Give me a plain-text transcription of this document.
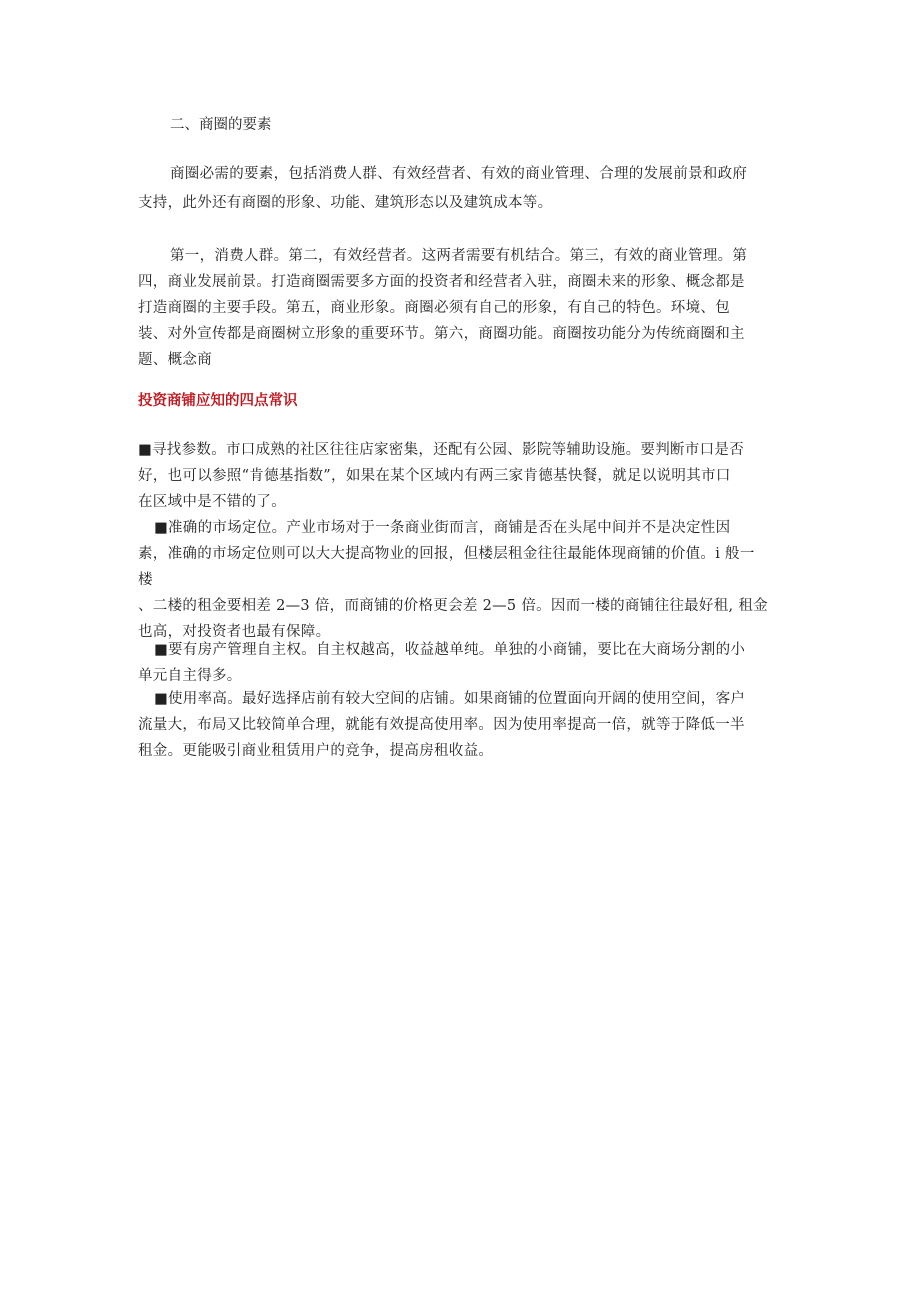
二、商圈的要素

商圈必需的要素，包括消费人群、有效经营者、有效的商业管理、合理的发展前景和政府
支持，此外还有商圈的形象、功能、建筑形态以及建筑成本等。

第一，消费人群。第二，有效经营者。这两者需要有机结合。第三，有效的商业管理。第
四，商业发展前景。打造商圈需要多方面的投资者和经营者入驻，商圈未来的形象、概念都是
打造商圈的主要手段。第五，商业形象。商圈必须有自己的形象，有自己的特色。环境、包
装、对外宣传都是商圈树立形象的重要环节。第六，商圈功能。商圈按功能分为传统商圈和主
题、概念商

投资商铺应知的四点常识

■寻找参数。市口成熟的社区往往店家密集，还配有公园、影院等辅助设施。要判断市口是否
好，也可以参照“肯德基指数”，如果在某个区域内有两三家肯德基快餐，就足以说明其市口
在区域中是不错的了。

■准确的市场定位。产业市场对于一条商业街而言，商铺是否在头尾中间并不是决定性因
素，准确的市场定位则可以大大提高物业的回报，但楼层租金往往最能体现商铺的价值。i 般一
楼
、二楼的租金要相差 2—3 倍，而商铺的价格更会差 2—5 倍。因而一楼的商铺往往最好租, 租金
也高，对投资者也最有保障。

■要有房产管理自主权。自主权越高，收益越单纯。单独的小商铺，要比在大商场分割的小
单元自主得多。

■使用率高。最好选择店前有较大空间的店铺。如果商铺的位置面向开阔的使用空间，客户
流量大，布局又比较简单合理，就能有效提高使用率。因为使用率提高一倍，就等于降低一半
租金。更能吸引商业租赁用户的竞争，提高房租收益。
